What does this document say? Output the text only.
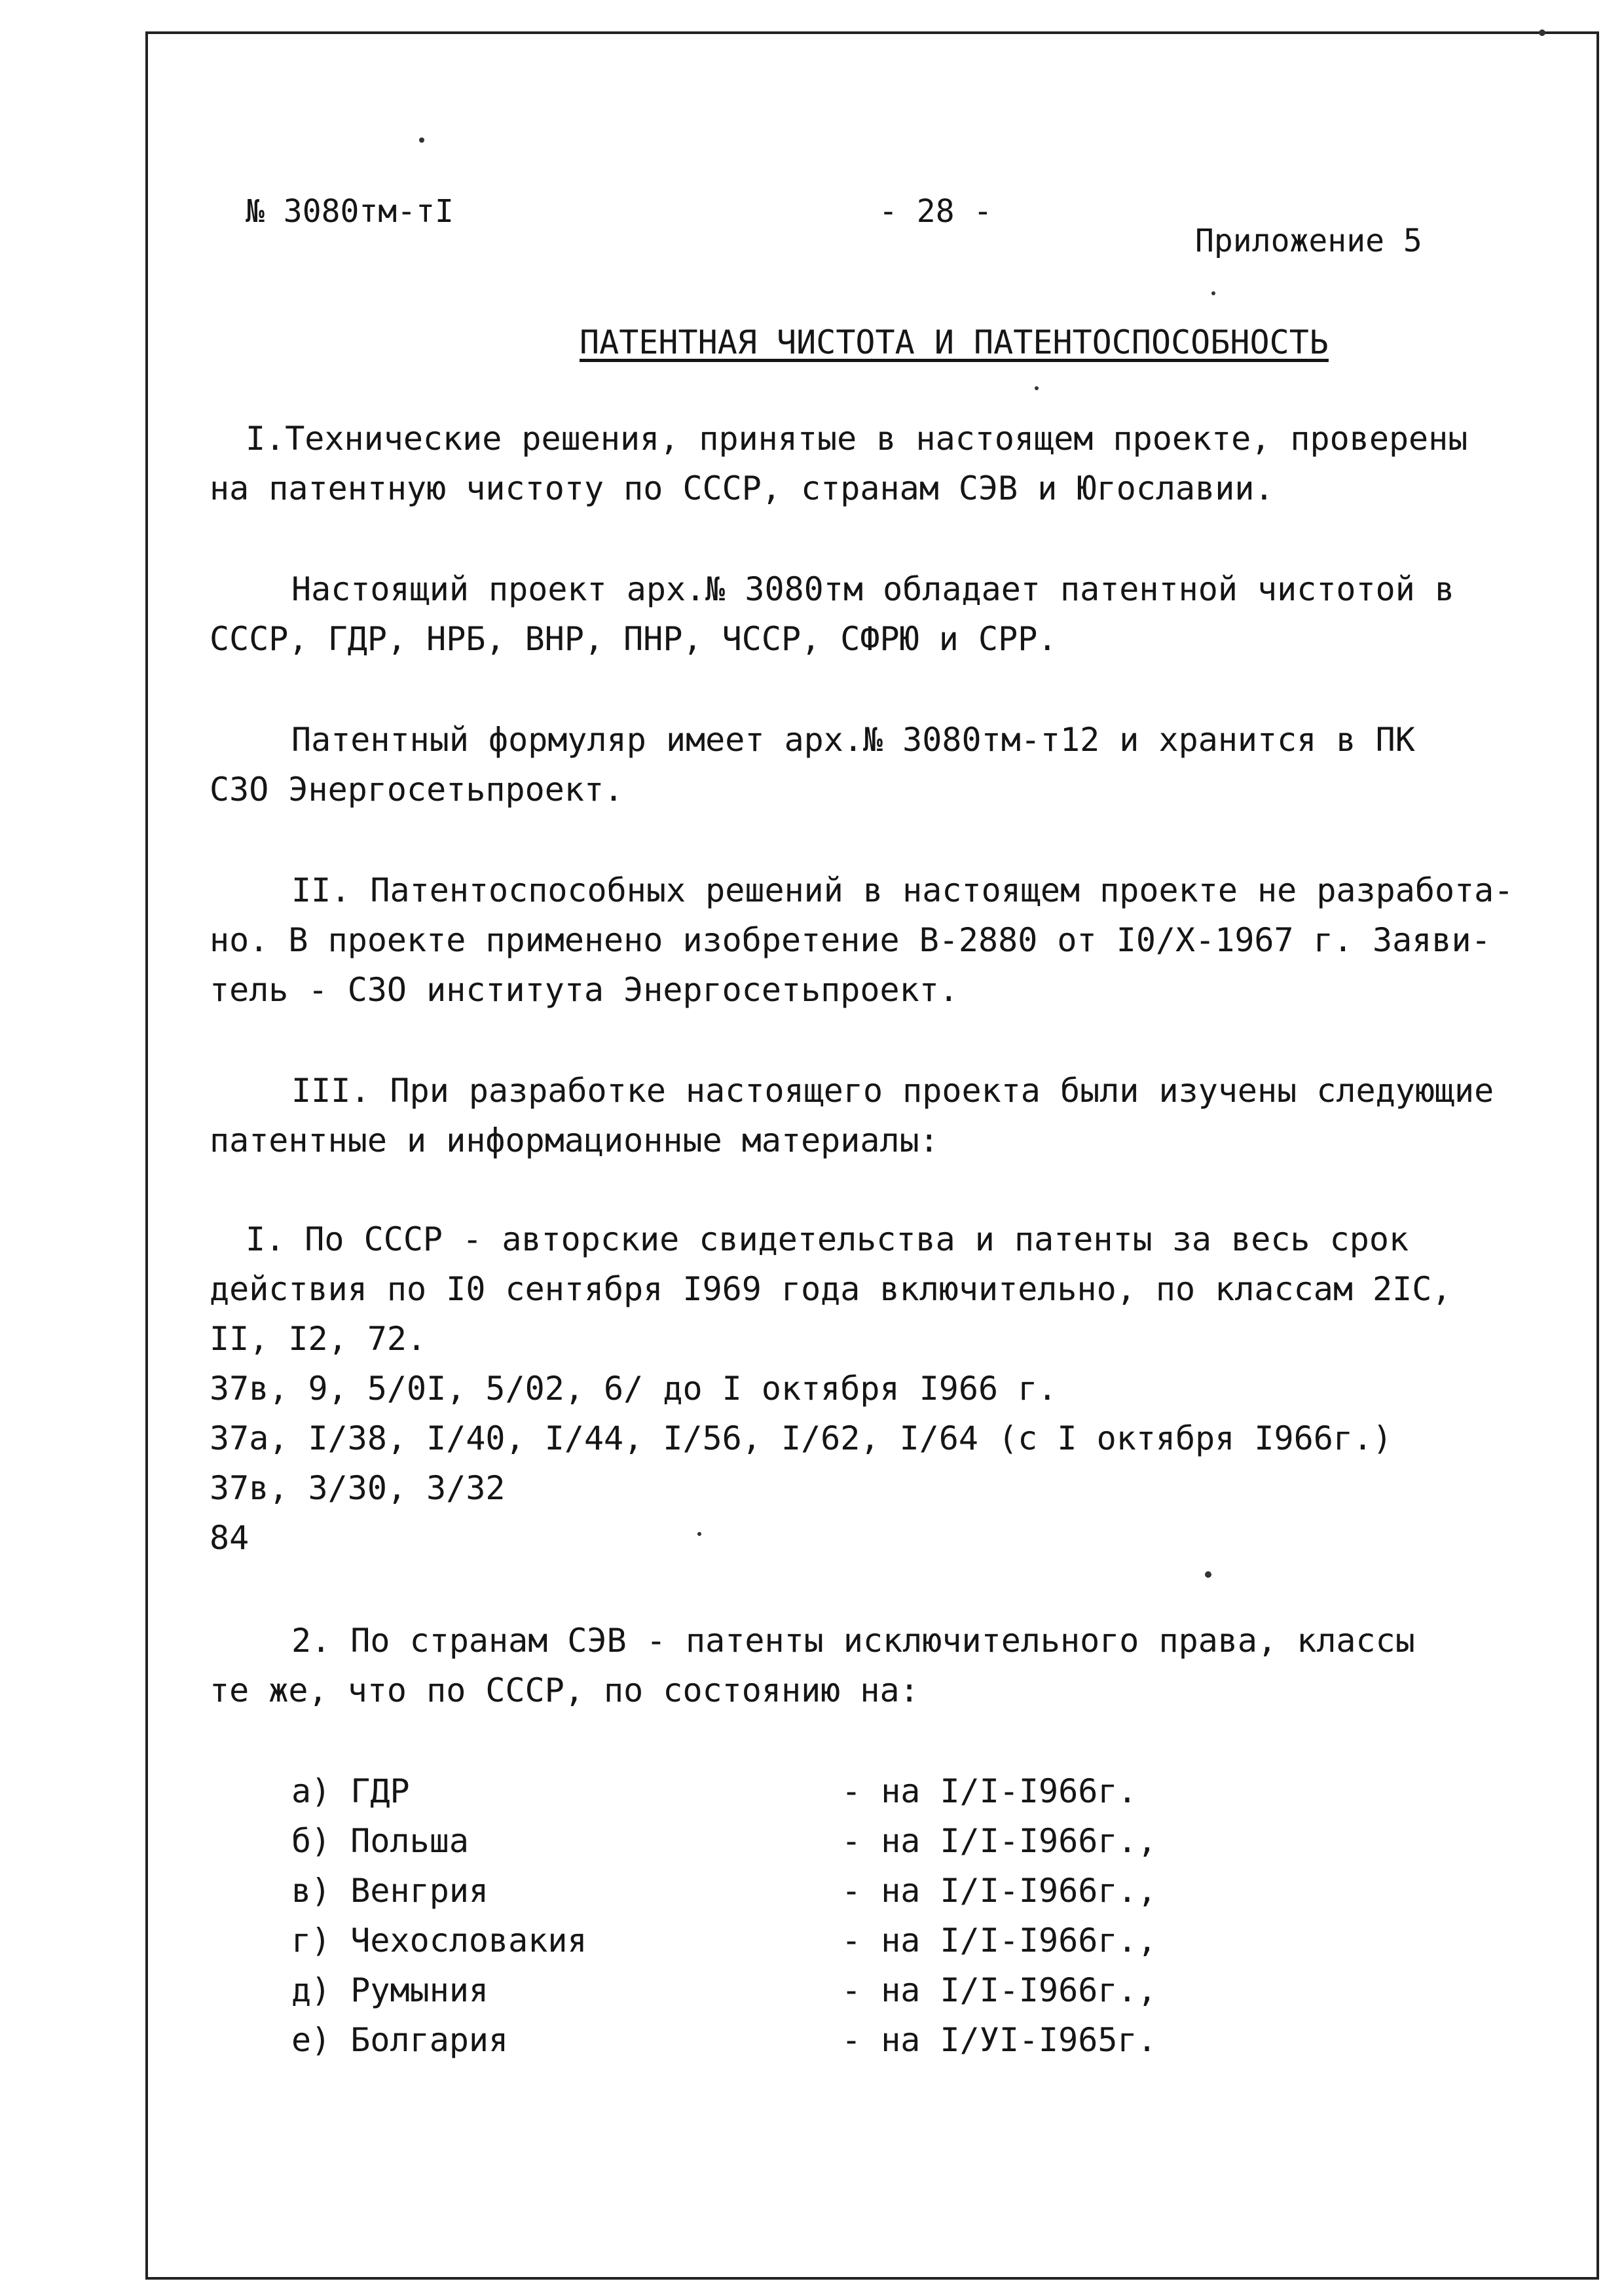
№ 3080тм-тI	- 28 -
Приложение 5
ПАТЕНТНАЯ ЧИСТОТА И ПАТЕНТОСПОСОБНОСТЬ
I.Технические решения, принятые в настоящем проекте, проверены
на патентную чистоту по СССР, странам СЭВ и Югославии.
Настоящий проект арх.№ 3080тм обладает патентной чистотой в
СССР, ГДР, НРБ, ВНР, ПНР, ЧССР, СФРЮ и СРР.
Патентный формуляр имеет арх.№ 3080тм-т12 и хранится в ПК
СЗО Энергосетьпроект.
II. Патентоспособных решений в настоящем проекте не разработа-
но. В проекте применено изобретение В-2880 от I0/X-1967 г. Заяви-
тель - СЗО института Энергосетьпроект.
III. При разработке настоящего проекта были изучены следующие
патентные и информационные материалы:
I. По СССР - авторские свидетельства и патенты за весь срок
действия по I0 сентября I969 года включительно, по классам 2IС,
II, I2, 72.
37в, 9, 5/0I, 5/02, 6/ до I октября I966 г.
37а, I/38, I/40, I/44, I/56, I/62, I/64 (с I октября I966г.)
37в, 3/30, 3/32
84
2. По странам СЭВ - патенты исключительного права, классы
те же, что по СССР, по состоянию на:
а) ГДР	- на I/I-I966г.
б) Польша	- на I/I-I966г.,
в) Венгрия	- на I/I-I966г.,
г) Чехословакия	- на I/I-I966г.,
д) Румыния	- на I/I-I966г.,
е) Болгария	- на I/УI-I965г.
